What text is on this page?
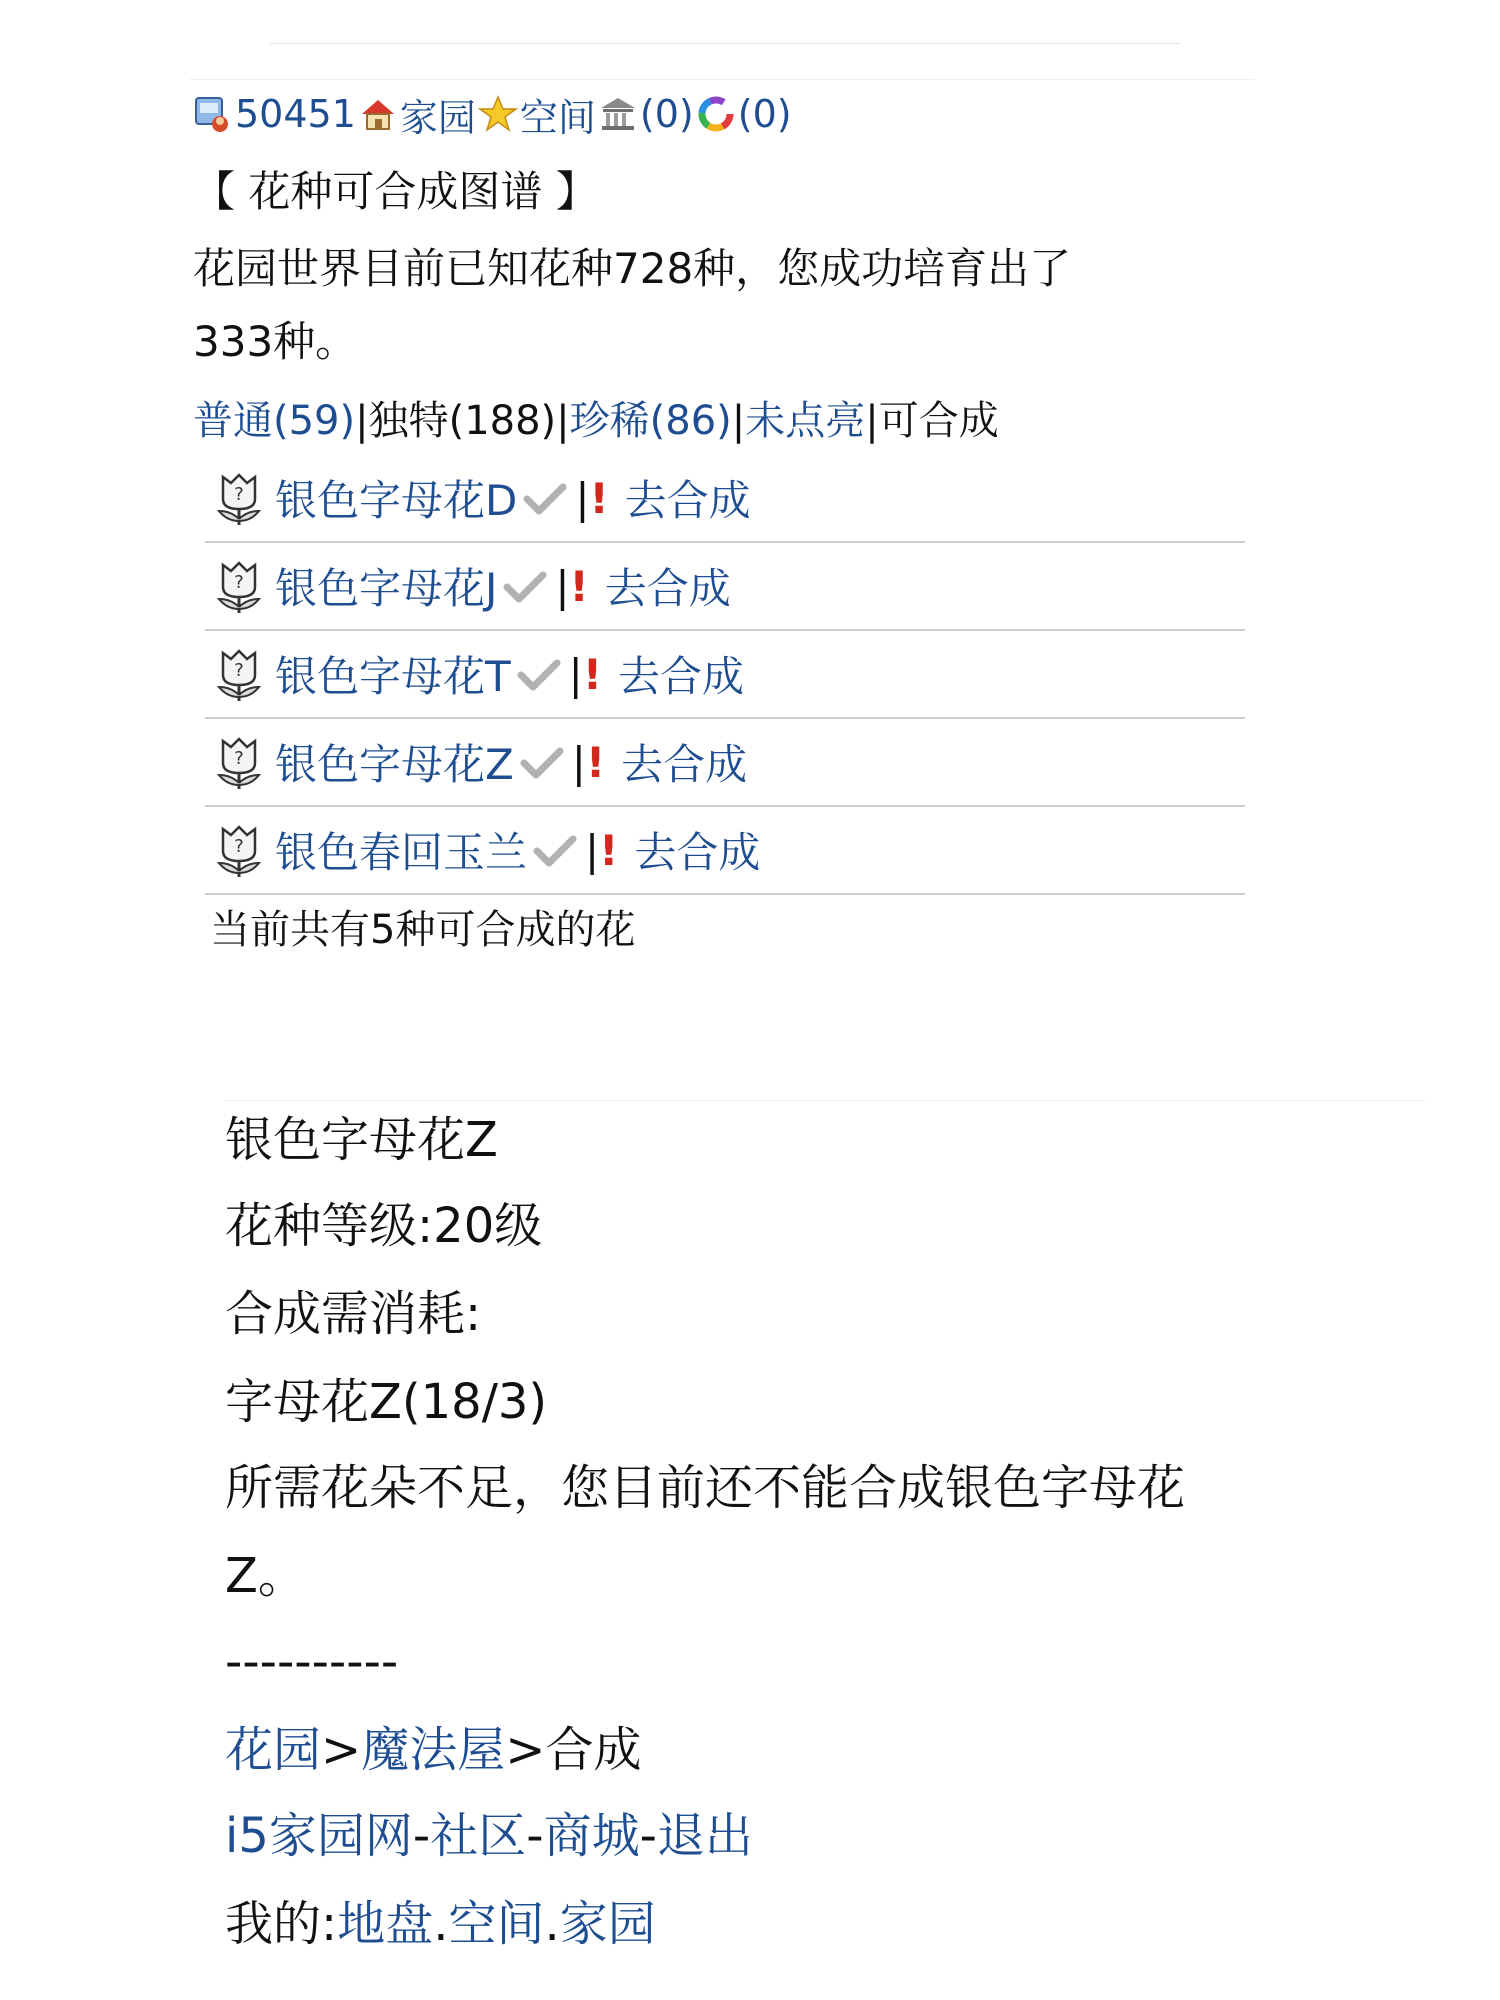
50451 家园 空间 (0) (0)
【 花种可合成图谱 】
花园世界目前已知花种728种，您成功培育出了
333种。
普通(59)|独特(188)|珍稀(86)|未点亮|可合成
? 银色字母花D | ! 去合成
? 银色字母花J | ! 去合成
? 银色字母花T | ! 去合成
? 银色字母花Z | ! 去合成
? 银色春回玉兰 | ! 去合成
当前共有5种可合成的花
银色字母花Z
花种等级:20级
合成需消耗:
字母花Z(18/3)
所需花朵不足，您目前还不能合成银色字母花
Z。
----------
花园>魔法屋>合成
i5家园网-社区-商城-退出
我的:地盘.空间.家园
